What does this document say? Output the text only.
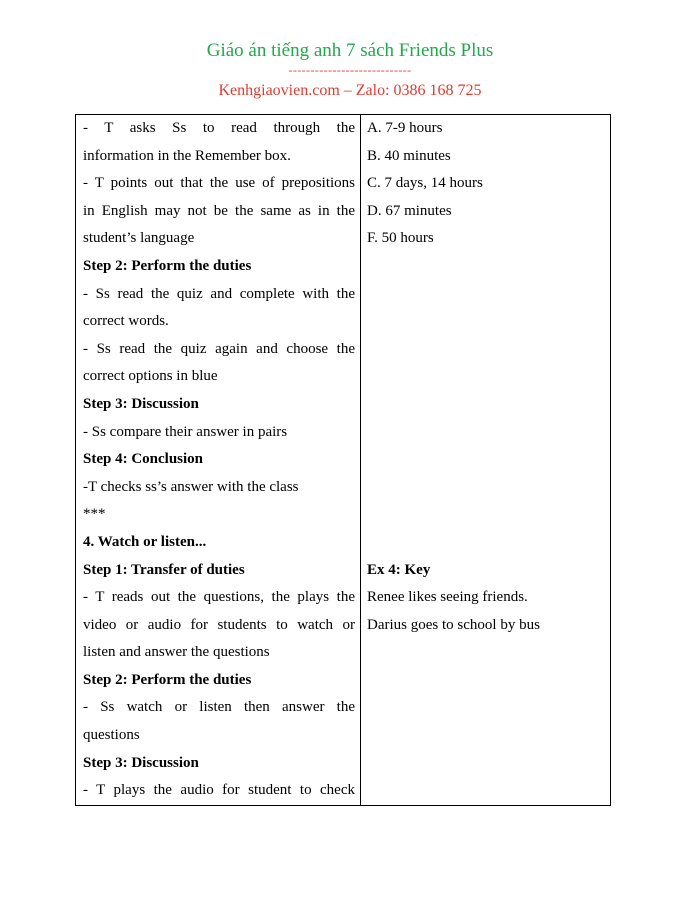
Giáo án tiếng anh 7 sách Friends Plus
----------------------------
Kenhgiaovien.com – Zalo: 0386 168 725
- T asks Ss to read through the
information in the Remember box.
- T points out that the use of prepositions
in English may not be the same as in the
student’s language
Step 2: Perform the duties
- Ss read the quiz and complete with the
correct words.
- Ss read the quiz again and choose the
correct options in blue
Step 3: Discussion
- Ss compare their answer in pairs
Step 4: Conclusion
-T checks ss’s answer with the class
***
4. Watch or listen...
Step 1: Transfer of duties
- T reads out the questions, the plays the
video or audio for students to watch or
listen and answer the questions
Step 2: Perform the duties
- Ss watch or listen then answer the
questions
Step 3: Discussion
- T plays the audio for student to check
A. 7-9 hours
B. 40 minutes
C. 7 days, 14 hours
D. 67 minutes
F. 50 hours
Ex 4: Key
Renee likes seeing friends.
Darius goes to school by bus
